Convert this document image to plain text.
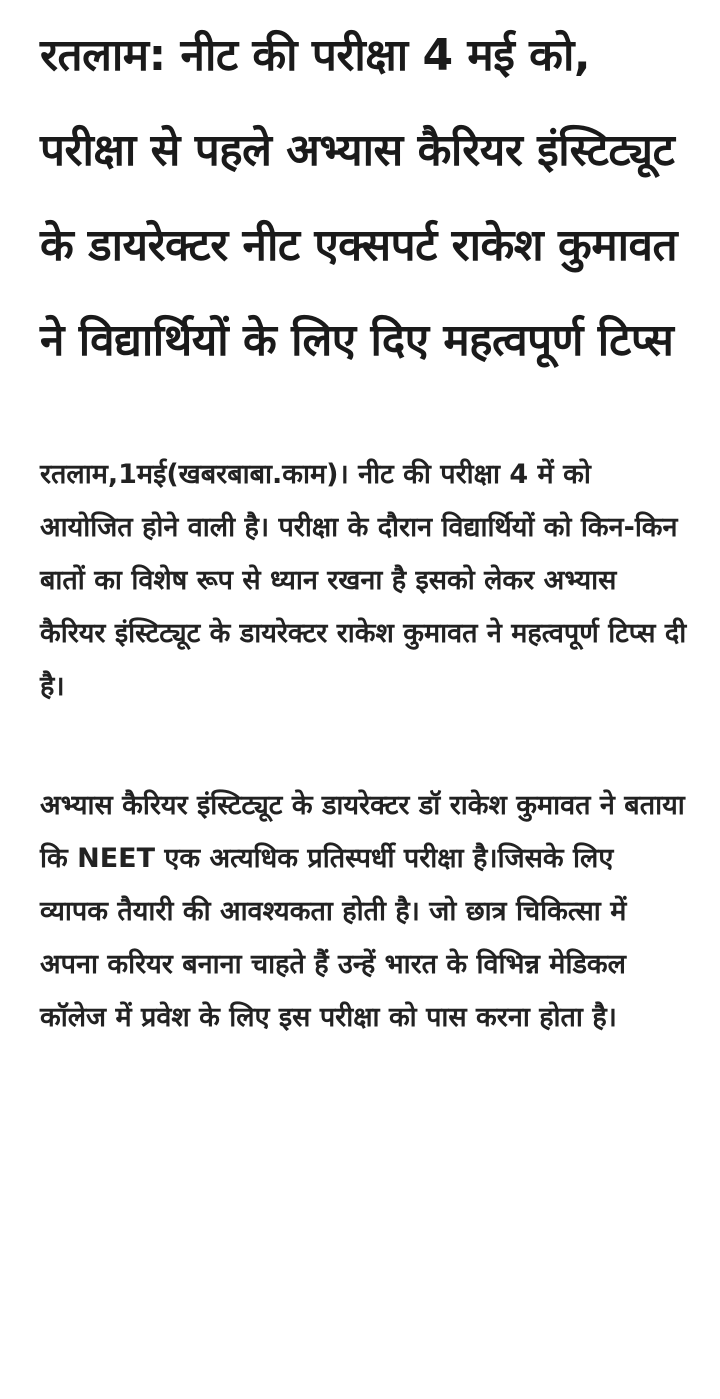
रतलाम: नीट की परीक्षा 4 मई को, परीक्षा से पहले अभ्यास कैरियर इंस्टिट्यूट के डायरेक्टर नीट एक्सपर्ट राकेश कुमावत ने विद्यार्थियों के लिए दिए महत्वपूर्ण टिप्स

रतलाम,1मई(खबरबाबा.काम)। नीट की परीक्षा 4 में को आयोजित होने वाली है। परीक्षा के दौरान विद्यार्थियों को किन-किन बातों का विशेष रूप से ध्यान रखना है इसको लेकर अभ्यास कैरियर इंस्टिट्यूट के डायरेक्टर राकेश कुमावत ने महत्वपूर्ण टिप्स दी है।

अभ्यास कैरियर इंस्टिट्यूट के डायरेक्टर डॉ राकेश कुमावत ने बताया कि NEET एक अत्यधिक प्रतिस्पर्धी परीक्षा है।जिसके लिए व्यापक तैयारी की आवश्यकता होती है। जो छात्र चिकित्सा में अपना करियर बनाना चाहते हैं उन्हें भारत के विभिन्न मेडिकल कॉलेज में प्रवेश के लिए इस परीक्षा को पास करना होता है।
